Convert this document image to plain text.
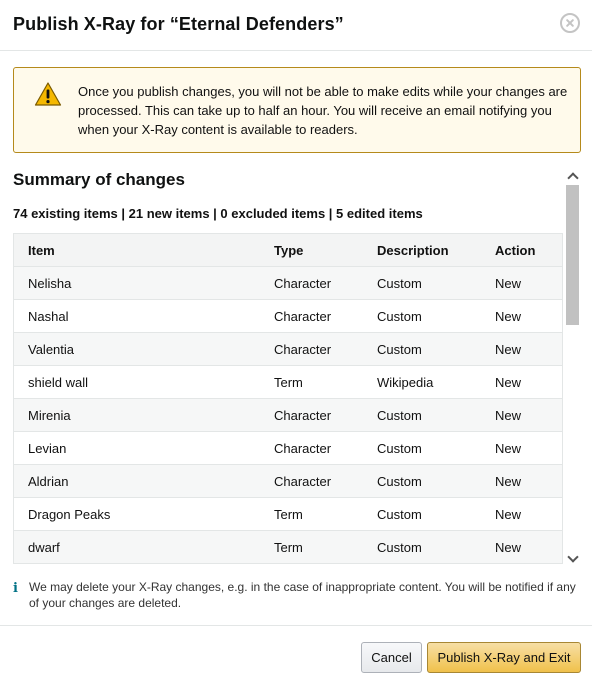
Publish X-Ray for “Eternal Defenders”
Once you publish changes, you will not be able to make edits while your changes are processed. This can take up to half an hour. You will receive an email notifying you when your X-Ray content is available to readers.
Summary of changes
74 existing items | 21 new items | 0 excluded items | 5 edited items
Item	Type	Description	Action
Nelisha	Character	Custom	New
Nashal	Character	Custom	New
Valentia	Character	Custom	New
shield wall	Term	Wikipedia	New
Mirenia	Character	Custom	New
Levian	Character	Custom	New
Aldrian	Character	Custom	New
Dragon Peaks	Term	Custom	New
dwarf	Term	Custom	New
i We may delete your X-Ray changes, e.g. in the case of inappropriate content. You will be notified if any of your changes are deleted.
Cancel	Publish X-Ray and Exit
